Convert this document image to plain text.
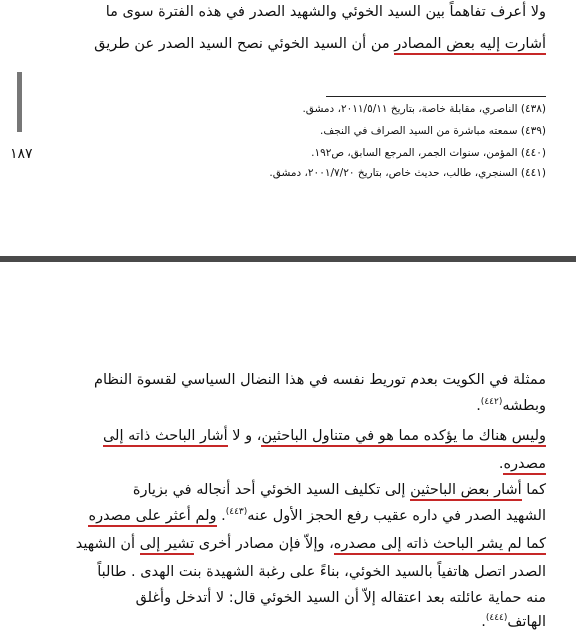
ولا أعرف تفاهماً بين السيد الخوئي والشهيد الصدر في هذه الفترة سوى ما
أشارت إليه بعض المصادر من أن السيد الخوئي نصح السيد الصدر عن طريق
(٤٣٨) الناصري، مقابلة خاصة، بتاريخ ٢٠١١/٥/١١، دمشق.
(٤٣٩) سمعته مباشرة من السيد الصراف في النجف.
(٤٤٠) المؤمن، سنوات الجمر، المرجع السابق، ص١٩٢.
(٤٤١) السنجري، طالب، حديث خاص، بتاريخ ٢٠٠١/٧/٢٠، دمشق.
١٨٧
ممثلة في الكويت بعدم توريط نفسه في هذا النضال السياسي لقسوة النظام
وبطشه$^{(٤٤٢)}$.
وليس هناك ما يؤكده مما هو في متناول الباحثين، و لا أشار الباحث ذاته إلى
مصدره.
كما أشار بعض الباحثين إلى تكليف السيد الخوئي أحد أنجاله في بزيارة
الشهيد الصدر في داره عقيب رفع الحجز الأول عنه$^{(٤٤٣)}$. ولم أعثر على مصدره
كما لم يشر الباحث ذاته إلى مصدره، وإلاّ فإن مصادر أخرى تشير إلى أن الشهيد
الصدر اتصل هاتفياً بالسيد الخوئي، بناءً على رغبة الشهيدة بنت الهدى . طالباً
منه حماية عائلته بعد اعتقاله إلاّ أن السيد الخوئي قال: لا أتدخل وأغلق
الهاتف$^{(٤٤٤)}$.
